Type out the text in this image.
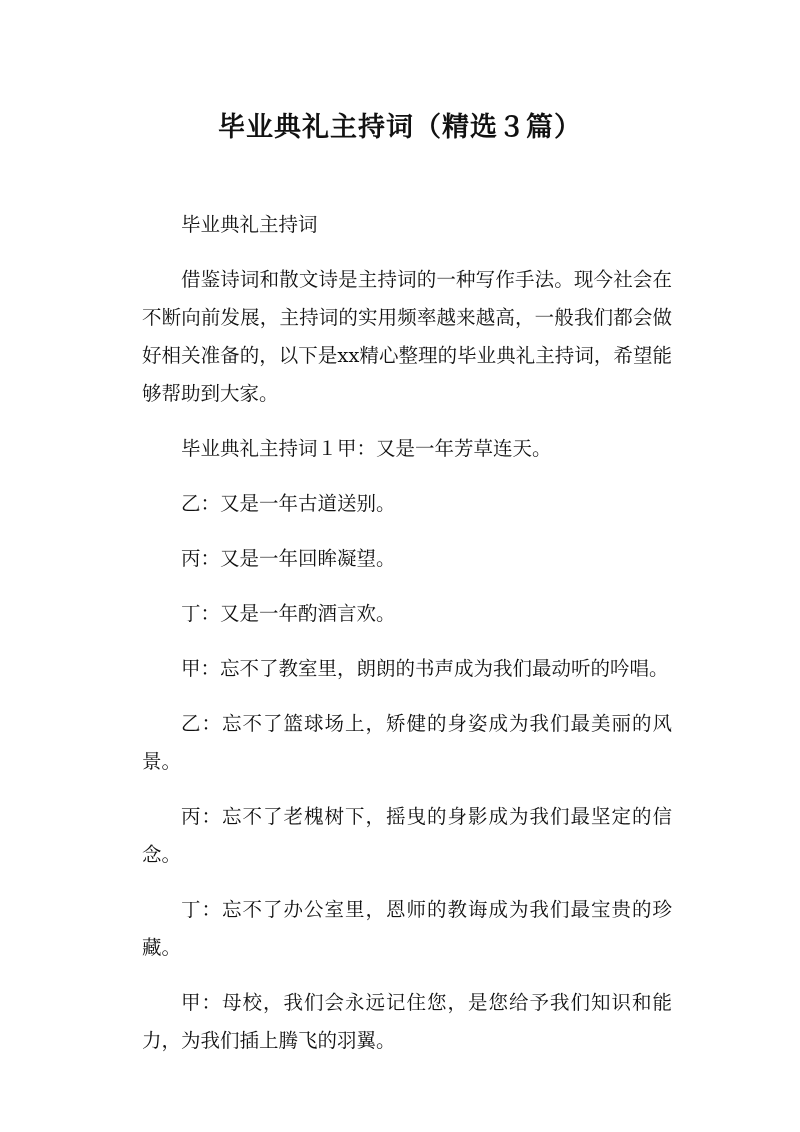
毕业典礼主持词（精选３篇）

毕业典礼主持词

借鉴诗词和散文诗是主持词的一种写作手法。现今社会在不断向前发展，主持词的实用频率越来越高，一般我们都会做好相关准备的，以下是xx精心整理的毕业典礼主持词，希望能够帮助到大家。

毕业典礼主持词１甲：又是一年芳草连天。

乙：又是一年古道送别。

丙：又是一年回眸凝望。

丁：又是一年酌酒言欢。

甲：忘不了教室里，朗朗的书声成为我们最动听的吟唱。

乙：忘不了篮球场上，矫健的身姿成为我们最美丽的风景。

丙：忘不了老槐树下，摇曳的身影成为我们最坚定的信念。

丁：忘不了办公室里，恩师的教诲成为我们最宝贵的珍藏。

甲：母校，我们会永远记住您，是您给予我们知识和能力，为我们插上腾飞的羽翼。
